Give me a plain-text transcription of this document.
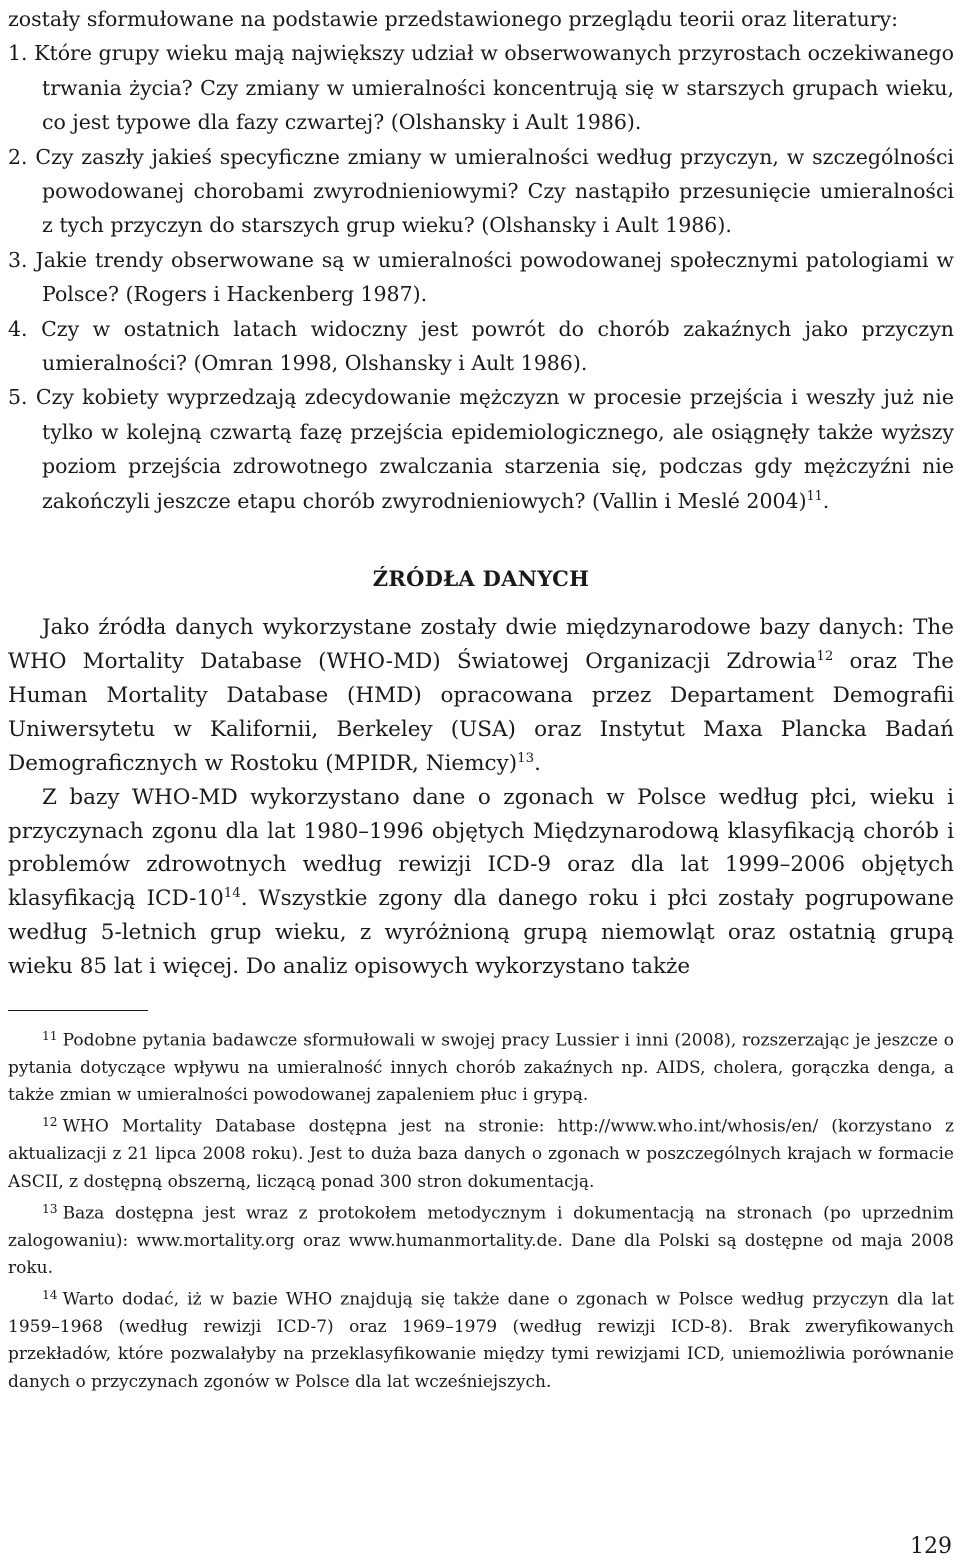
zostały sformułowane na podstawie przedstawionego przeglądu teorii oraz literatury:

1. Które grupy wieku mają największy udział w obserwowanych przyrostach oczekiwanego trwania życia? Czy zmiany w umieralności koncentrują się w starszych grupach wieku, co jest typowe dla fazy czwartej? (Olshansky i Ault 1986).

2. Czy zaszły jakieś specyficzne zmiany w umieralności według przyczyn, w szczególności powodowanej chorobami zwyrodnieniowymi? Czy nastąpiło przesunięcie umieralności z tych przyczyn do starszych grup wieku? (Olshansky i Ault 1986).

3. Jakie trendy obserwowane są w umieralności powodowanej społecznymi patologiami w Polsce? (Rogers i Hackenberg 1987).

4. Czy w ostatnich latach widoczny jest powrót do chorób zakaźnych jako przyczyn umieralności? (Omran 1998, Olshansky i Ault 1986).

5. Czy kobiety wyprzedzają zdecydowanie mężczyzn w procesie przejścia i weszły już nie tylko w kolejną czwartą fazę przejścia epidemiologicznego, ale osiągnęły także wyższy poziom przejścia zdrowotnego zwalczania starzenia się, podczas gdy mężczyźni nie zakończyli jeszcze etapu chorób zwyrodnieniowych? (Vallin i Meslé 2004)$^{11}$.

ŹRÓDŁA DANYCH

Jako źródła danych wykorzystane zostały dwie międzynarodowe bazy danych: The WHO Mortality Database (WHO-MD) Światowej Organizacji Zdrowia$^{12}$ oraz The Human Mortality Database (HMD) opracowana przez Departament Demografii Uniwersytetu w Kalifornii, Berkeley (USA) oraz Instytut Maxa Plancka Badań Demograficznych w Rostoku (MPIDR, Niemcy)$^{13}$.

Z bazy WHO-MD wykorzystano dane o zgonach w Polsce według płci, wieku i przyczynach zgonu dla lat 1980–1996 objętych Międzynarodową klasyfikacją chorób i problemów zdrowotnych według rewizji ICD-9 oraz dla lat 1999–2006 objętych klasyfikacją ICD-$10^{14}$. Wszystkie zgony dla danego roku i płci zostały pogrupowane według 5-letnich grup wieku, z wyróżnioną grupą niemowląt oraz ostatnią grupą wieku 85 lat i więcej. Do analiz opisowych wykorzystano także

$^{11}$ Podobne pytania badawcze sformułowali w swojej pracy Lussier i inni (2008), rozszerzając je jeszcze o pytania dotyczące wpływu na umieralność innych chorób zakaźnych np. AIDS, cholera, gorączka denga, a także zmian w umieralności powodowanej zapaleniem płuc i grypą.

$^{12}$ WHO Mortality Database dostępna jest na stronie: http://www.who.int/whosis/en/ (korzystano z aktualizacji z 21 lipca 2008 roku). Jest to duża baza danych o zgonach w poszczególnych krajach w formacie ASCII, z dostępną obszerną, liczącą ponad 300 stron dokumentacją.

$^{13}$ Baza dostępna jest wraz z protokołem metodycznym i dokumentacją na stronach (po uprzednim zalogowaniu): www.mortality.org oraz www.humanmortality.de. Dane dla Polski są dostępne od maja 2008 roku.

$^{14}$ Warto dodać, iż w bazie WHO znajdują się także dane o zgonach w Polsce według przyczyn dla lat 1959–1968 (według rewizji ICD-7) oraz 1969–1979 (według rewizji ICD-8). Brak zweryfikowanych przekładów, które pozwalałyby na przeklasyfikowanie między tymi rewizjami ICD, uniemożliwia porównanie danych o przyczynach zgonów w Polsce dla lat wcześniejszych.

129
